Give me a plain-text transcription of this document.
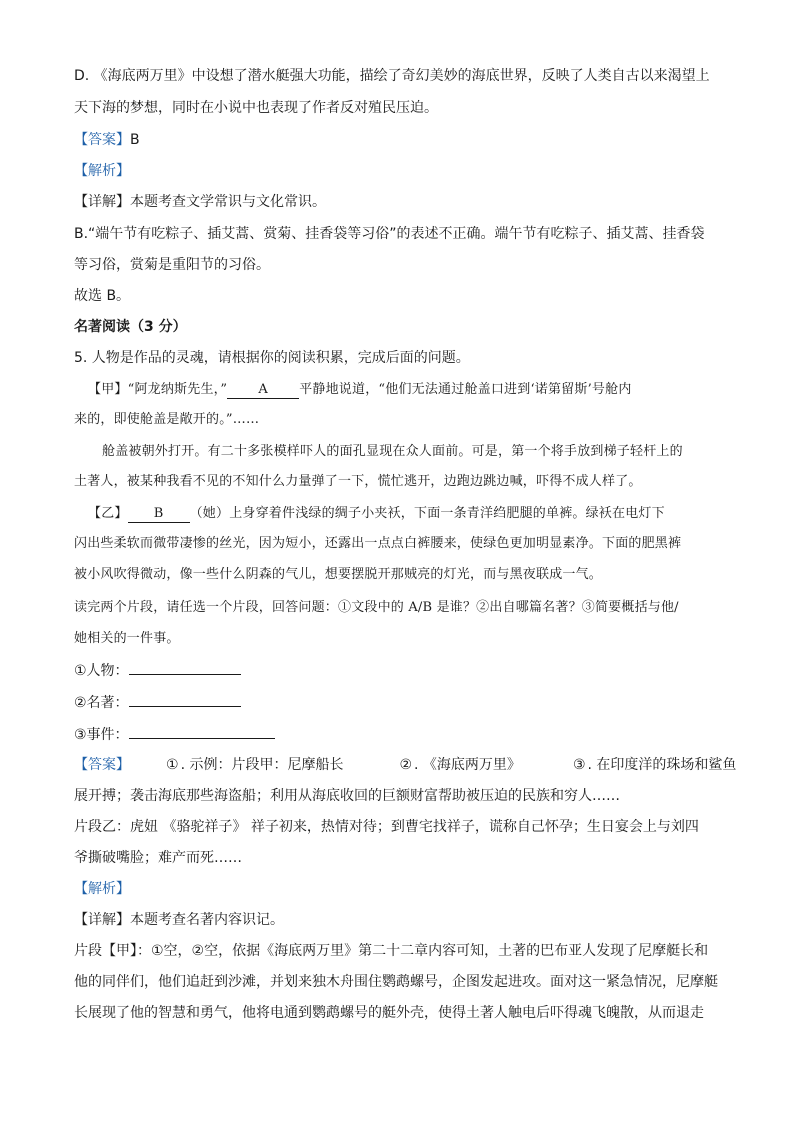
D. 《海底两万里》中设想了潜水艇强大功能，描绘了奇幻美妙的海底世界，反映了人类自古以来渴望上
天下海的梦想，同时在小说中也表现了作者反对殖民压迫。
【答案】B
【解析】
【详解】本题考查文学常识与文化常识。
B.“端午节有吃粽子、插艾蒿、赏菊、挂香袋等习俗”的表述不正确。端午节有吃粽子、插艾蒿、挂香袋
等习俗，赏菊是重阳节的习俗。
故选 B。
名著阅读（3 分）
5. 人物是作品的灵魂，请根据你的阅读积累，完成后面的问题。
【甲】“阿龙纳斯先生，” A 平静地说道，“他们无法通过舱盖口进到‘诺第留斯’号舱内
来的，即使舱盖是敞开的。”……
舱盖被朝外打开。有二十多张模样吓人的面孔显现在众人面前。可是，第一个将手放到梯子轻杆上的
土著人，被某种我看不见的不知什么力量弹了一下，慌忙逃开，边跑边跳边喊，吓得不成人样了。
【乙】 B （她）上身穿着件浅绿的绸子小夹袄，下面一条青洋绉肥腿的单裤。绿袄在电灯下
闪出些柔软而微带凄惨的丝光，因为短小，还露出一点点白裤腰来，使绿色更加明显素净。下面的肥黑裤
被小风吹得微动，像一些什么阴森的气儿，想要摆脱开那贼亮的灯光，而与黑夜联成一气。
读完两个片段，请任选一个片段，回答问题：①文段中的 A/B 是谁？②出自哪篇名著？③简要概括与他/
她相关的一件事。
①人物：
②名著：
③事件：
【答案】	① . 示例：片段甲：尼摩船长	② . 《海底两万里》	③ . 在印度洋的珠场和鲨鱼
展开搏；袭击海底那些海盗船；利用从海底收回的巨额财富帮助被压迫的民族和穷人……
片段乙：虎妞 《骆驼祥子》 祥子初来，热情对待；到曹宅找祥子，谎称自己怀孕；生日宴会上与刘四
爷撕破嘴脸；难产而死……
【解析】
【详解】本题考查名著内容识记。
片段【甲】：①空，②空，依据《海底两万里》第二十二章内容可知，土著的巴布亚人发现了尼摩艇长和
他的同伴们，他们追赶到沙滩，并划来独木舟围住鹦鹉螺号，企图发起进攻。面对这一紧急情况，尼摩艇
长展现了他的智慧和勇气，他将电通到鹦鹉螺号的艇外壳，使得土著人触电后吓得魂飞魄散，从而退走
